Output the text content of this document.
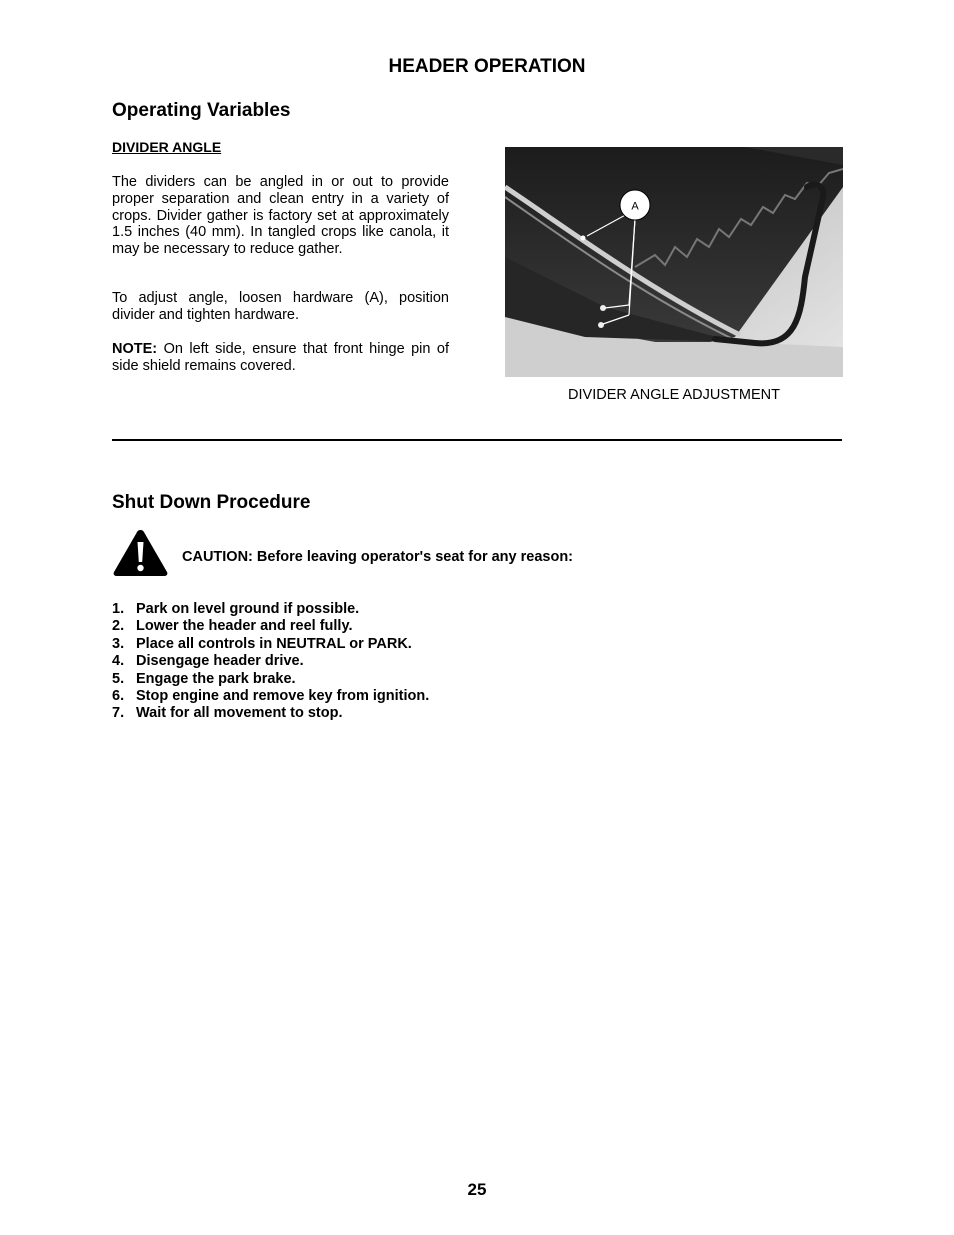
HEADER OPERATION
Operating Variables
DIVIDER ANGLE

The dividers can be angled in or out to provide proper separation and clean entry in a variety of crops. Divider gather is factory set at approximately 1.5 inches (40 mm). In tangled crops like canola, it may be necessary to reduce gather.

To adjust angle, loosen hardware (A), position divider and tighten hardware.

NOTE: On left side, ensure that front hinge pin of side shield remains covered.

A
DIVIDER ANGLE ADJUSTMENT
Shut Down Procedure
CAUTION: Before leaving operator's seat for any reason:
1. Park on level ground if possible.
2. Lower the header and reel fully.
3. Place all controls in NEUTRAL or PARK.
4. Disengage header drive.
5. Engage the park brake.
6. Stop engine and remove key from ignition.
7. Wait for all movement to stop.
25
